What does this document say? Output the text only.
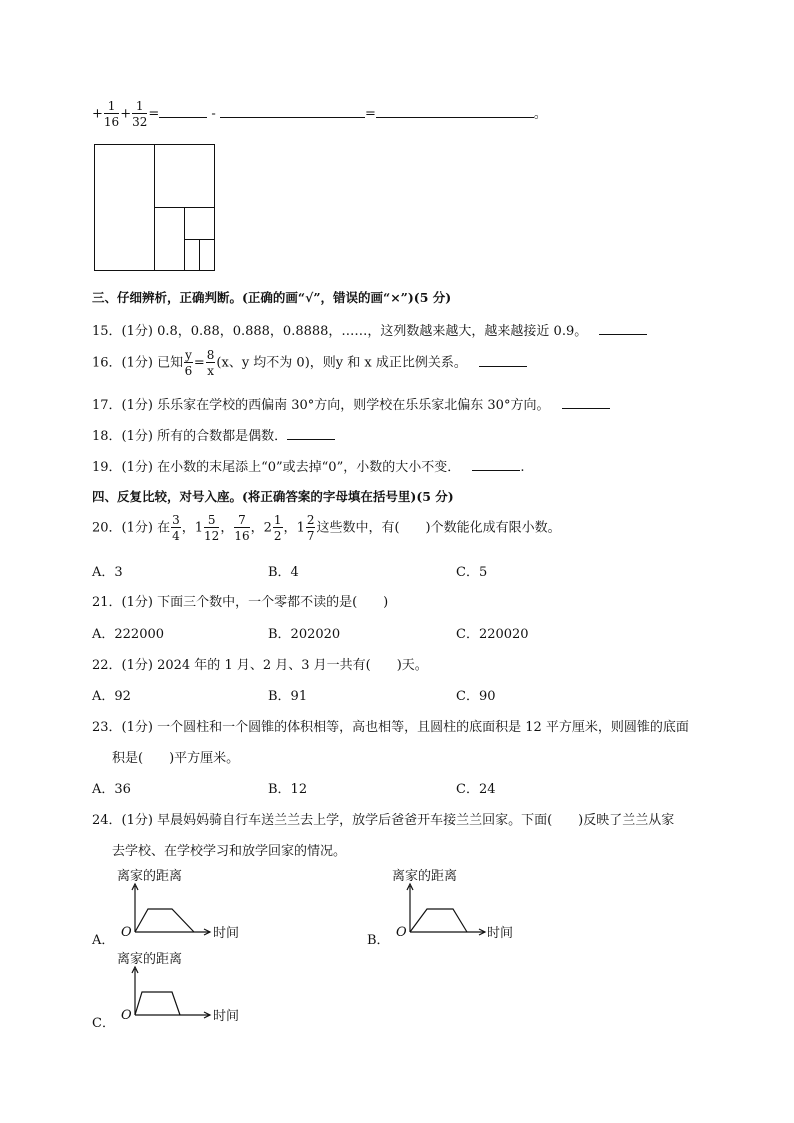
+ $\frac{1}{16} + \frac{1}{32}$ =	-	=	。
三、仔细辨析，正确判断。(正确的画“√”，错误的画“×”)(5 分)
15．(1分) 0.8，0.88，0.888，0.8888，……，这列数越来越大，越来越接近 0.9。
16．(1分) 已知 $\frac{y}{6} = \frac{8}{x} (x$、y 均不为 0)，则y 和 x 成正比例关系。
17．(1分) 乐乐家在学校的西偏南 30°方向，则学校在乐乐家北偏东 30°方向。
18．(1分) 所有的合数都是偶数．
19．(1分) 在小数的末尾添上“0”或去掉“0”，小数的大小不变．	.
四、反复比较，对号入座。(将正确答案的字母填在括号里)(5 分)
20．(1分) 在 $\frac{3}{4}$ ，$1 \frac{5}{12}$ ， $\frac{7}{16}$ ，$2 \frac{1}{2}$ ，$1 \frac{2}{7}$ 这些数中，有(　　)个数能化成有限小数。
A．3	B．4	C．5
21．(1分) 下面三个数中，一个零都不读的是(　　)
A．222000	B．202020	C．220020
22．(1分) 2024 年的 1 月、2 月、3 月一共有(　　)天。
A．92	B．91	C．90
23．(1分) 一个圆柱和一个圆锥的体积相等，高也相等，且圆柱的底面积是 12 平方厘米，则圆锥的底面
积是(　　)平方厘米。
A．36	B．12	C．24
24．(1分) 早晨妈妈骑自行车送兰兰去上学，放学后爸爸开车接兰兰回家。下面(　　)反映了兰兰从家
去学校、在学校学习和放学回家的情况。
离家的距离
A．
O	时间
离家的距离
B．
O	时间
离家的距离
C．
O	时间
